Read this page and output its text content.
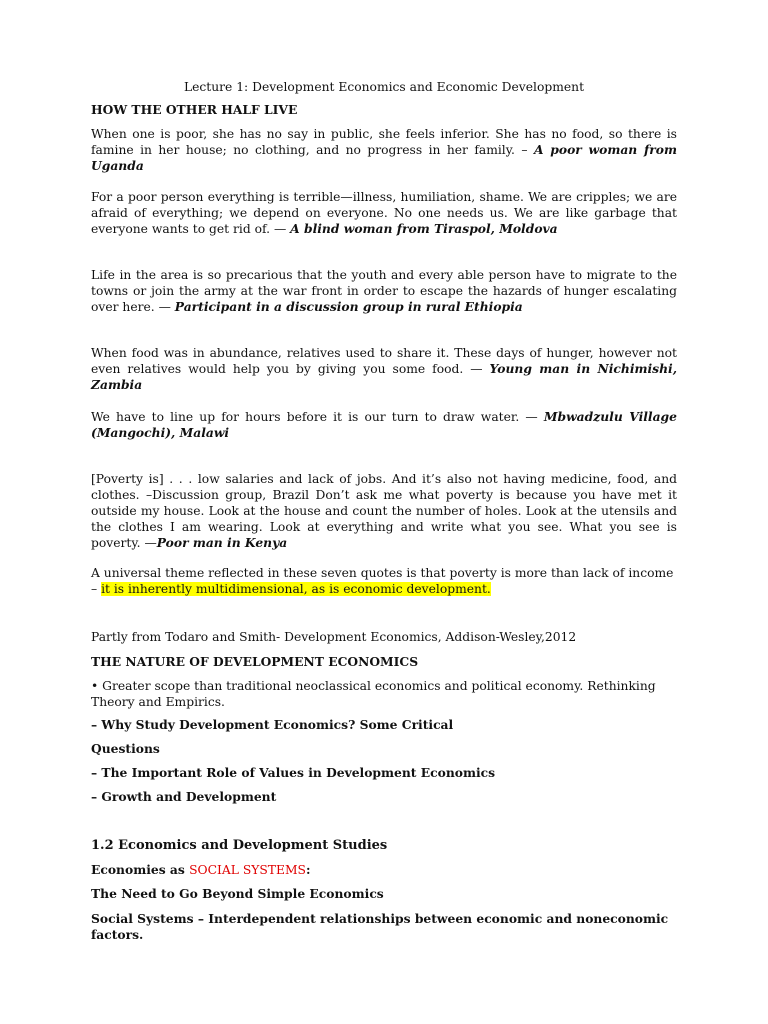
Lecture 1: Development Economics and Economic Development

HOW THE OTHER HALF LIVE

When one is poor, she has no say in public, she feels inferior. She has no food, so there is famine in her house; no clothing, and no progress in her family. – A poor woman from Uganda

For a poor person everything is terrible—illness, humiliation, shame. We are cripples; we are afraid of everything; we depend on everyone. No one needs us. We are like garbage that everyone wants to get rid of. — A blind woman from Tiraspol, Moldova

Life in the area is so precarious that the youth and every able person have to migrate to the towns or join the army at the war front in order to escape the hazards of hunger escalating over here. — Participant in a discussion group in rural Ethiopia

When food was in abundance, relatives used to share it. These days of hunger, however not even relatives would help you by giving you some food. — Young man in Nichimishi, Zambia

We have to line up for hours before it is our turn to draw water. — Mbwadzulu Village (Mangochi), Malawi

[Poverty is] . . . low salaries and lack of jobs. And it’s also not having medicine, food, and clothes. –Discussion group, Brazil Don’t ask me what poverty is because you have met it outside my house. Look at the house and count the number of holes. Look at the utensils and the clothes I am wearing. Look at everything and write what you see. What you see is poverty. —Poor man in Kenya

A universal theme reflected in these seven quotes is that poverty is more than lack of income – it is inherently multidimensional, as is economic development.

Partly from Todaro and Smith- Development Economics, Addison-Wesley,2012

THE NATURE OF DEVELOPMENT ECONOMICS

• Greater scope than traditional neoclassical economics and political economy. Rethinking Theory and Empirics.

– Why Study Development Economics? Some Critical

Questions

– The Important Role of Values in Development Economics

– Growth and Development

1.2 Economics and Development Studies

Economies as SOCIAL SYSTEMS:

The Need to Go Beyond Simple Economics

Social Systems – Interdependent relationships between economic and noneconomic factors.
